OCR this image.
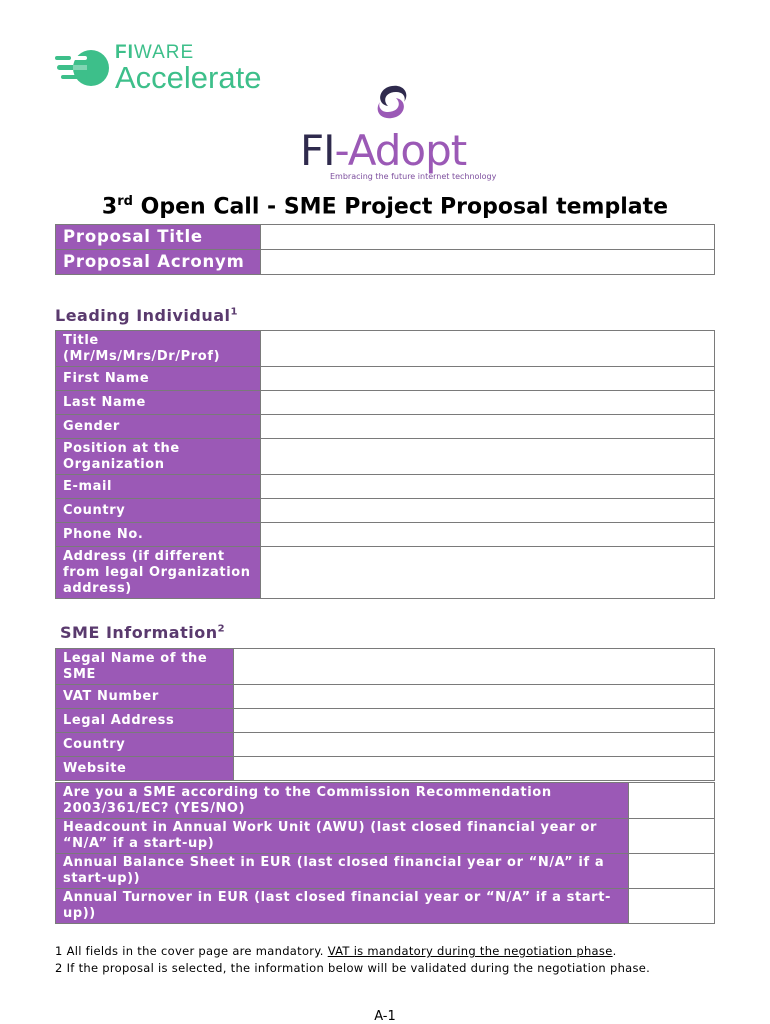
FIWARE
Accelerate
FI-Adopt
Embracing the future internet technology
3rd Open Call - SME Project Proposal template
Proposal Title	
Proposal Acronym	
Leading Individual$^1$
Title (Mr/Ms/Mrs/Dr/Prof)	
First Name	
Last Name	
Gender	
Position at the Organization	
E-mail	
Country	
Phone No.	
Address (if different from legal Organization address)	
SME Information$^2$
Legal Name of the SME	
VAT Number	
Legal Address	
Country	
Website	
Are you a SME according to the Commission Recommendation 2003/361/EC? (YES/NO)	
Headcount in Annual Work Unit (AWU) (last closed financial year or “N/A” if a start-up)	
Annual Balance Sheet in EUR (last closed financial year or “N/A” if a start-up))	
Annual Turnover in EUR (last closed financial year or “N/A” if a start-up))	
1 All fields in the cover page are mandatory. VAT is mandatory during the negotiation phase.
2 If the proposal is selected, the information below will be validated during the negotiation phase.
A-1
